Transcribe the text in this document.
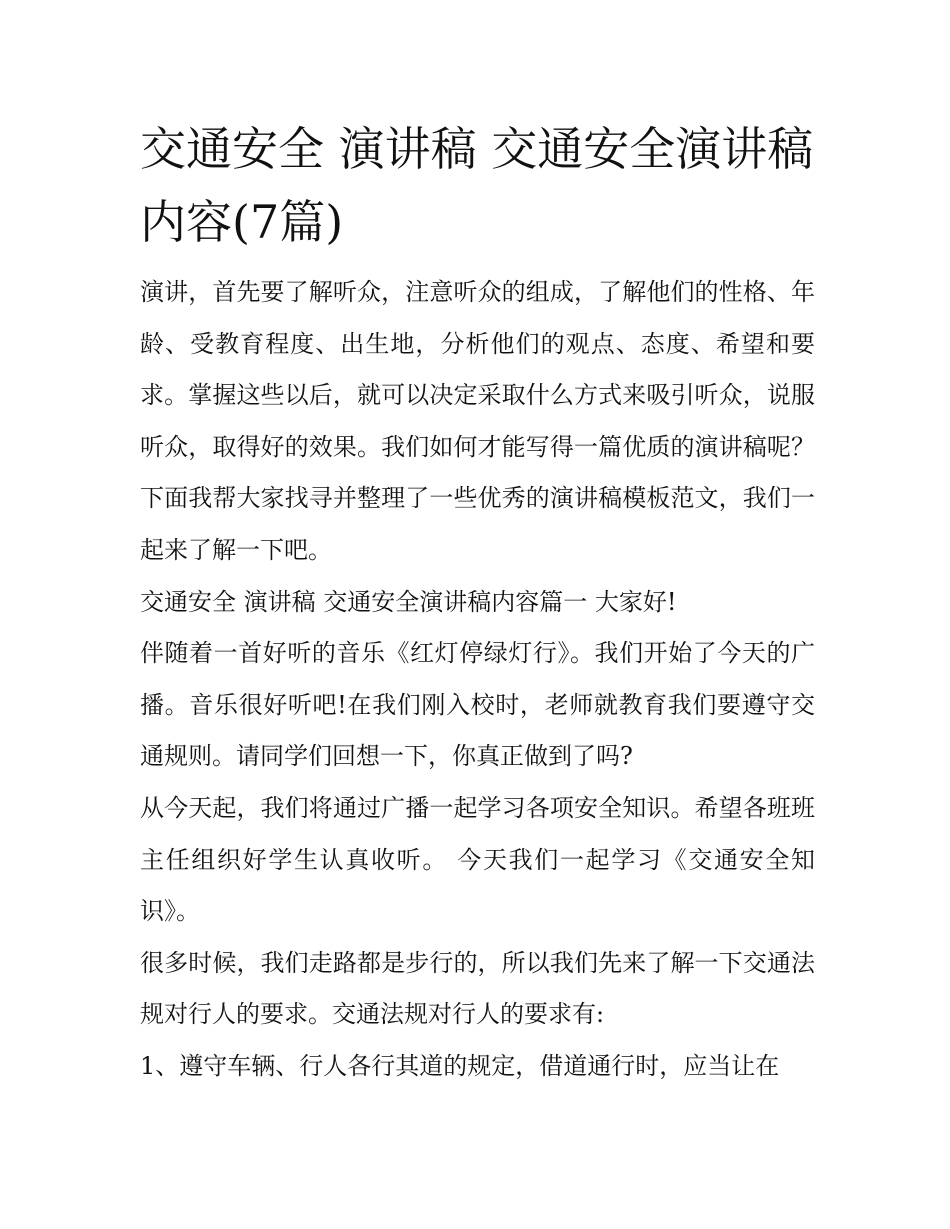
交通安全 演讲稿 交通安全演讲稿内容(7篇)

演讲，首先要了解听众，注意听众的组成，了解他们的性格、年龄、受教育程度、出生地，分析他们的观点、态度、希望和要求。掌握这些以后，就可以决定采取什么方式来吸引听众，说服听众，取得好的效果。我们如何才能写得一篇优质的演讲稿呢？下面我帮大家找寻并整理了一些优秀的演讲稿模板范文，我们一起来了解一下吧。

交通安全 演讲稿 交通安全演讲稿内容篇一 大家好!

伴随着一首好听的音乐《红灯停绿灯行》。我们开始了今天的广播。音乐很好听吧!在我们刚入校时，老师就教育我们要遵守交通规则。请同学们回想一下，你真正做到了吗?

从今天起，我们将通过广播一起学习各项安全知识。希望各班班主任组织好学生认真收听。 今天我们一起学习《交通安全知识》。

很多时候，我们走路都是步行的，所以我们先来了解一下交通法规对行人的要求。交通法规对行人的要求有:

1、遵守车辆、行人各行其道的规定，借道通行时，应当让在
